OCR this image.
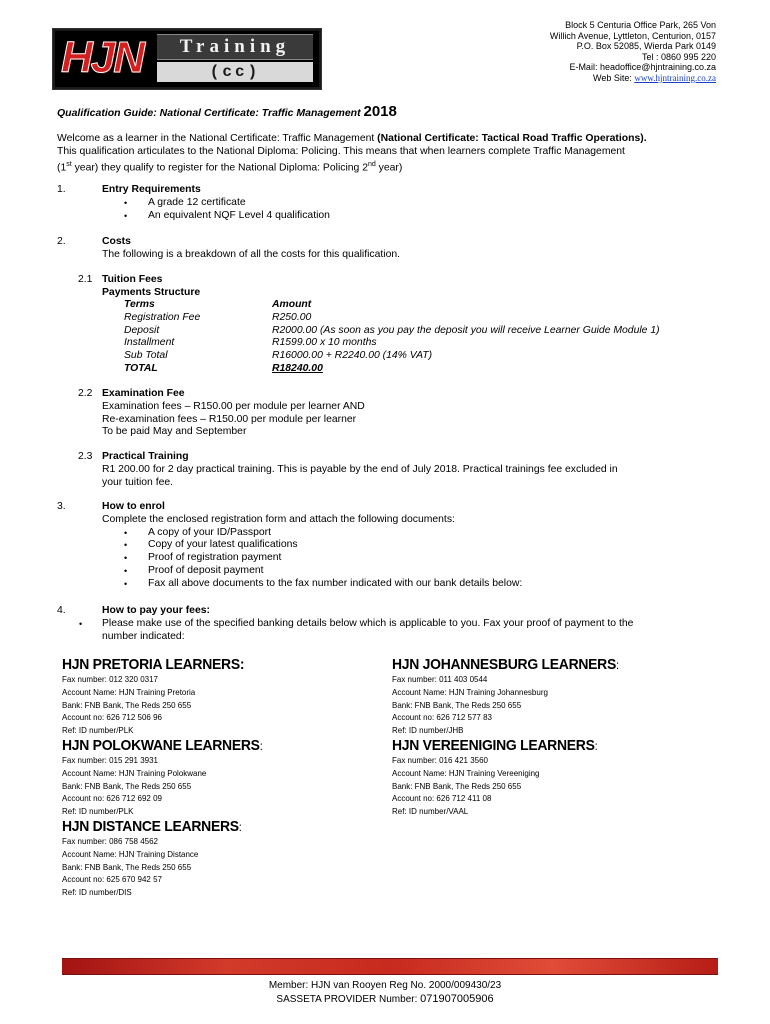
HJN	Training
(cc)
Block 5 Centuria Office Park, 265 Von
Willich Avenue, Lyttleton, Centurion, 0157
P.O. Box 52085, Wierda Park 0149
Tel : 0860 995 220
E-Mail: headoffice@hjntraining.co.za
Web Site: www.hjntraining.co.za
Qualification Guide: National Certificate: Traffic Management 2018
Welcome as a learner in the National Certificate: Traffic Management (National Certificate: Tactical Road Traffic Operations).
This qualification articulates to the National Diploma: Policing. This means that when learners complete Traffic Management
(1st year) they qualify to register for the National Diploma: Policing 2nd year)
1.	Entry Requirements
• A grade 12 certificate
• An equivalent NQF Level 4 qualification
2.	Costs
The following is a breakdown of all the costs for this qualification.
2.1 Tuition Fees
Payments Structure
Terms	Amount
Registration Fee	R250.00
Deposit	R2000.00 (As soon as you pay the deposit you will receive Learner Guide Module 1)
Installment	R1599.00 x 10 months
Sub Total	R16000.00 + R2240.00 (14% VAT)
TOTAL	R18240.00
2.2 Examination Fee
Examination fees – R150.00 per module per learner AND
Re-examination fees – R150.00 per module per learner
To be paid May and September
2.3 Practical Training
R1 200.00 for 2 day practical training. This is payable by the end of July 2018. Practical trainings fee excluded in
your tuition fee.
3.	How to enrol
Complete the enclosed registration form and attach the following documents:
• A copy of your ID/Passport
• Copy of your latest qualifications
• Proof of registration payment
• Proof of deposit payment
• Fax all above documents to the fax number indicated with our bank details below:
4.
•
How to pay your fees:
Please make use of the specified banking details below which is applicable to you. Fax your proof of payment to the
number indicated:
HJN PRETORIA LEARNERS:
Fax number: 012 320 0317
Account Name: HJN Training Pretoria
Bank: FNB Bank, The Reds 250 655
Account no: 626 712 506 96
Ref: ID number/PLK
HJN JOHANNESBURG LEARNERS:
Fax number: 011 403 0544
Account Name: HJN Training Johannesburg
Bank: FNB Bank, The Reds 250 655
Account no: 626 712 577 83
Ref: ID number/JHB
HJN POLOKWANE LEARNERS:
Fax number: 015 291 3931
Account Name: HJN Training Polokwane
Bank: FNB Bank, The Reds 250 655
Account no: 626 712 692 09
Ref: ID number/PLK
HJN VEREENIGING LEARNERS:
Fax number: 016 421 3560
Account Name: HJN Training Vereeniging
Bank: FNB Bank, The Reds 250 655
Account no: 626 712 411 08
Ref: ID number/VAAL
HJN DISTANCE LEARNERS:
Fax number: 086 758 4562
Account Name: HJN Training Distance
Bank: FNB Bank, The Reds 250 655
Account no: 625 670 942 57
Ref: ID number/DIS
Member: HJN van Rooyen Reg No. 2000/009430/23
SASSETA PROVIDER Number: 071907005906
